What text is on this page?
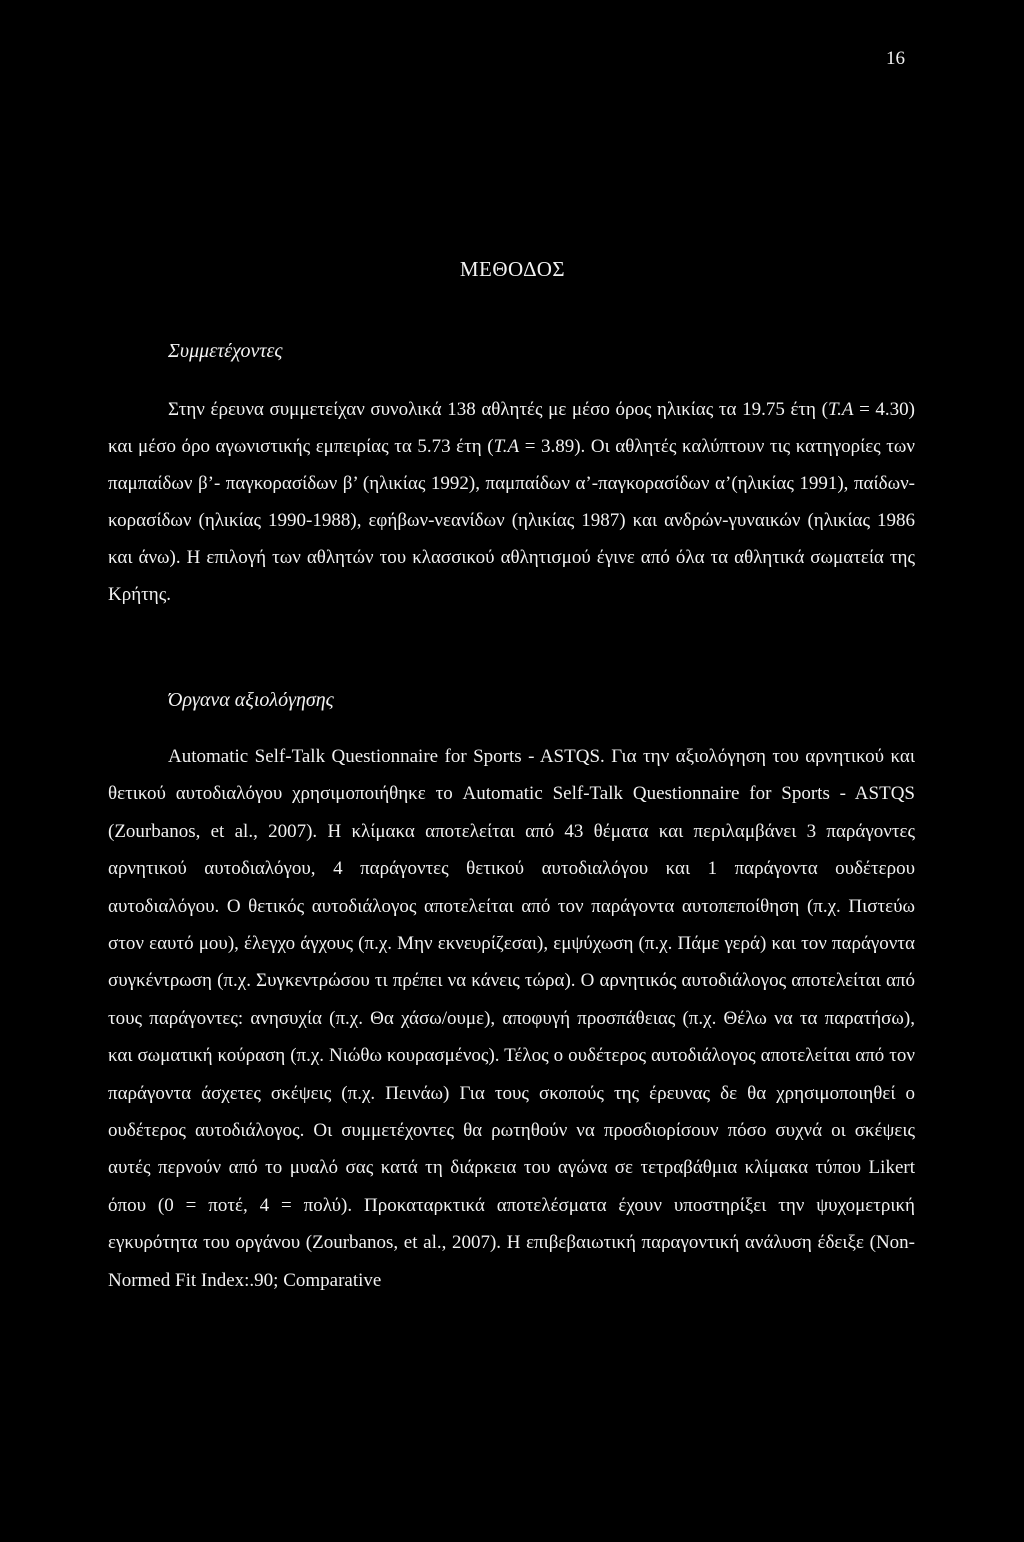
16
ΜΕΘΟΔΟΣ
Συμμετέχοντες

Στην έρευνα συμμετείχαν συνολικά 138 αθλητές με μέσο όρος ηλικίας τα 19.75 έτη (Τ.Α = 4.30) και μέσο όρο αγωνιστικής εμπειρίας τα 5.73 έτη (Τ.Α = 3.89). Οι αθλητές καλύπτουν τις κατηγορίες των παμπαίδων β’- παγκορασίδων β’ (ηλικίας 1992), παμπαίδων α’-παγκορασίδων α’(ηλικίας 1991), παίδων-κορασίδων (ηλικίας 1990-1988), εφήβων-νεανίδων (ηλικίας 1987) και ανδρών-γυναικών (ηλικίας 1986 και άνω). Η επιλογή των αθλητών του κλασσικού αθλητισμού έγινε από όλα τα αθλητικά σωματεία της Κρήτης.

Όργανα αξιολόγησης

Automatic Self-Talk Questionnaire for Sports - ASTQS. Για την αξιολόγηση του αρνητικού και θετικού αυτοδιαλόγου χρησιμοποιήθηκε το Automatic Self-Talk Questionnaire for Sports - ASTQS (Zourbanos, et al., 2007). Η κλίμακα αποτελείται από 43 θέματα και περιλαμβάνει 3 παράγοντες αρνητικού αυτοδιαλόγου, 4 παράγοντες θετικού αυτοδιαλόγου και 1 παράγοντα ουδέτερου αυτοδιαλόγου. Ο θετικός αυτοδιάλογος αποτελείται από τον παράγοντα αυτοπεποίθηση (π.χ. Πιστεύω στον εαυτό μου), έλεγχο άγχους (π.χ. Μην εκνευρίζεσαι), εμψύχωση (π.χ. Πάμε γερά) και τον παράγοντα συγκέντρωση (π.χ. Συγκεντρώσου τι πρέπει να κάνεις τώρα). Ο αρνητικός αυτοδιάλογος αποτελείται από τους παράγοντες: ανησυχία (π.χ. Θα χάσω/ουμε), αποφυγή προσπάθειας (π.χ. Θέλω να τα παρατήσω), και σωματική κούραση (π.χ. Νιώθω κουρασμένος). Τέλος ο ουδέτερος αυτοδιάλογος αποτελείται από τον παράγοντα άσχετες σκέψεις (π.χ. Πεινάω) Για τους σκοπούς της έρευνας δε θα χρησιμοποιηθεί ο ουδέτερος αυτοδιάλογος. Οι συμμετέχοντες θα ρωτηθούν να προσδιορίσουν πόσο συχνά οι σκέψεις αυτές περνούν από το μυαλό σας κατά τη διάρκεια του αγώνα σε τετραβάθμια κλίμακα τύπου Likert όπου (0 = ποτέ, 4 = πολύ). Προκαταρκτικά αποτελέσματα έχουν υποστηρίξει την ψυχομετρική εγκυρότητα του οργάνου (Zourbanos, et al., 2007). Η επιβεβαιωτική παραγοντική ανάλυση έδειξε (Non-Normed Fit Index:.90; Comparative
